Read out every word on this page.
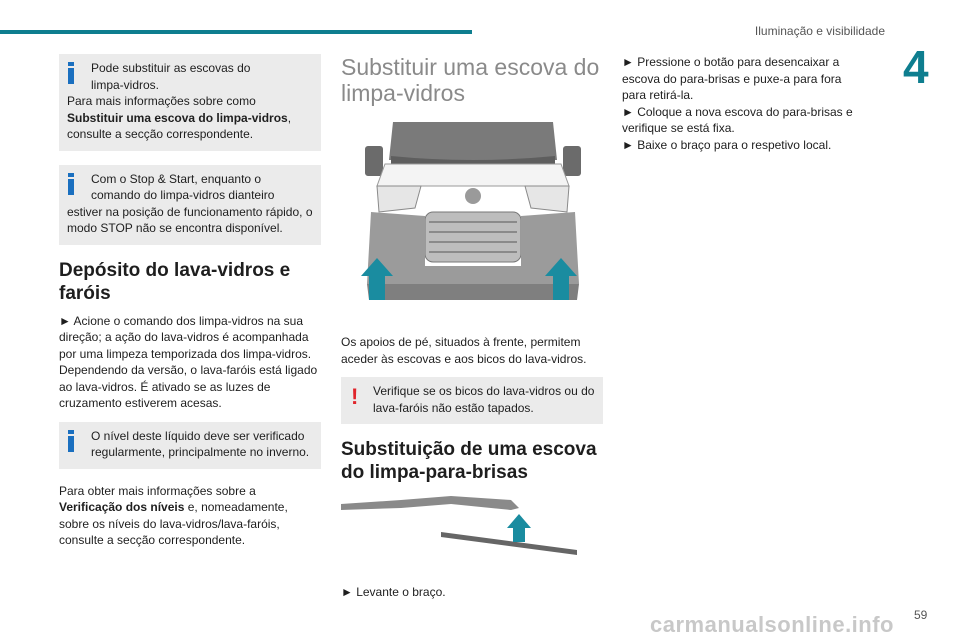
Iluminação e visibilidade
4

Pode substituir as escovas do

limpa-vidros.

Para mais informações sobre como

Substituir uma escova do limpa-vidros,

consulte a secção correspondente.

Com o Stop & Start, enquanto o

comando do limpa-vidros dianteiro

estiver na posição de funcionamento rápido, o modo STOP não se encontra disponível.

Depósito do lava-vidros e faróis

► Acione o comando dos limpa-vidros na sua direção; a ação do lava-vidros é acompanhada por uma limpeza temporizada dos limpa-vidros. Dependendo da versão, o lava-faróis está ligado ao lava-vidros. É ativado se as luzes de cruzamento estiverem acesas.

O nível deste líquido deve ser verificado regularmente, principalmente no inverno.

Para obter mais informações sobre a Verificação dos níveis e, nomeadamente, sobre os níveis do lava-vidros/lava-faróis, consulte a secção correspondente.

Substituir uma escova do limpa-vidros

Os apoios de pé, situados à frente, permitem aceder às escovas e aos bicos do lava-vidros.

!	Verifique se os bicos do lava-vidros ou do lava-faróis não estão tapados.

Substituição de uma escova do limpa-para-brisas

► Levante o braço.

► Pressione o botão para desencaixar a escova do para-brisas e puxe-a para fora para retirá-la.

► Coloque a nova escova do para-brisas e verifique se está fixa.

► Baixe o braço para o respetivo local.

carmanualsonline.info 59
